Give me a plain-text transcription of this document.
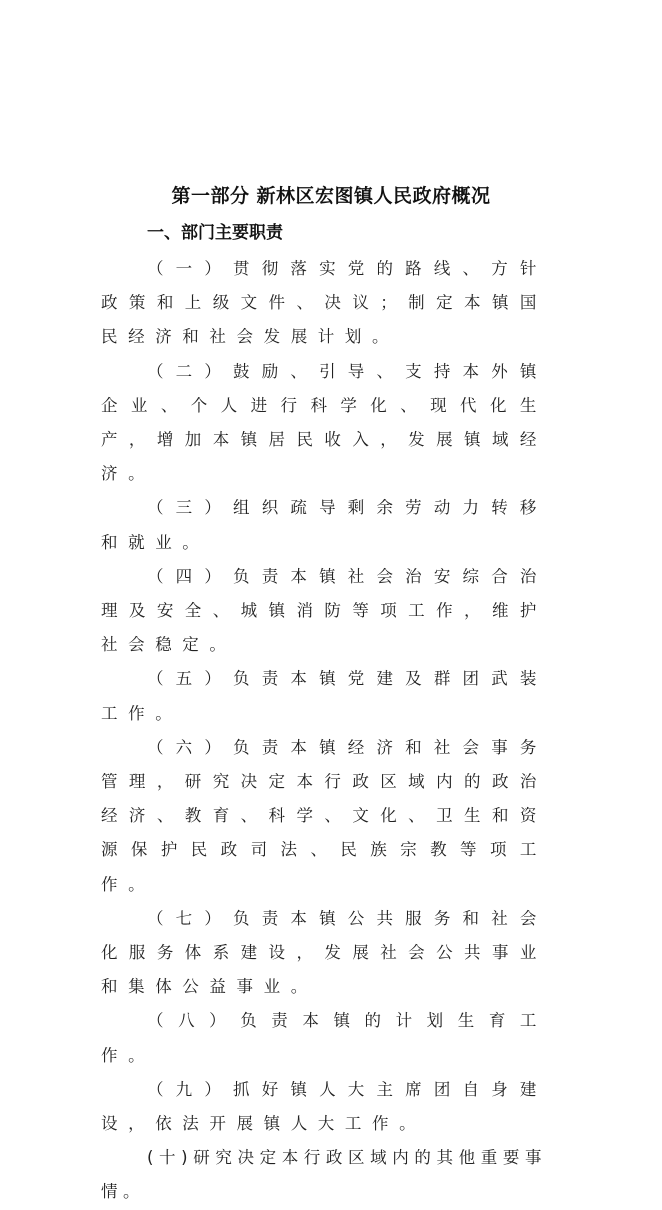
第一部分 新林区宏图镇人民政府概况
一、部门主要职责

（一）贯彻落实党的路线、方针政策和上级文件、决议；制定本镇国民经济和社会发展计划。

（二）鼓励、引导、支持本外镇企业、个人进行科学化、现代化生产，增加本镇居民收入，发展镇域经济。

（三）组织疏导剩余劳动力转移和就业。

（四）负责本镇社会治安综合治理及安全、城镇消防等项工作，维护社会稳定。

（五）负责本镇党建及群团武装工作。

（六）负责本镇经济和社会事务管理，研究决定本行政区域内的政治经济、教育、科学、文化、卫生和资源保护民政司法、民族宗教等项工作。

（七）负责本镇公共服务和社会化服务体系建设，发展社会公共事业和集体公益事业。

（八）负责本镇的计划生育工作。

（九）抓好镇人大主席团自身建设，依法开展镇人大工作。

(十)研究决定本行政区域内的其他重要事情。
